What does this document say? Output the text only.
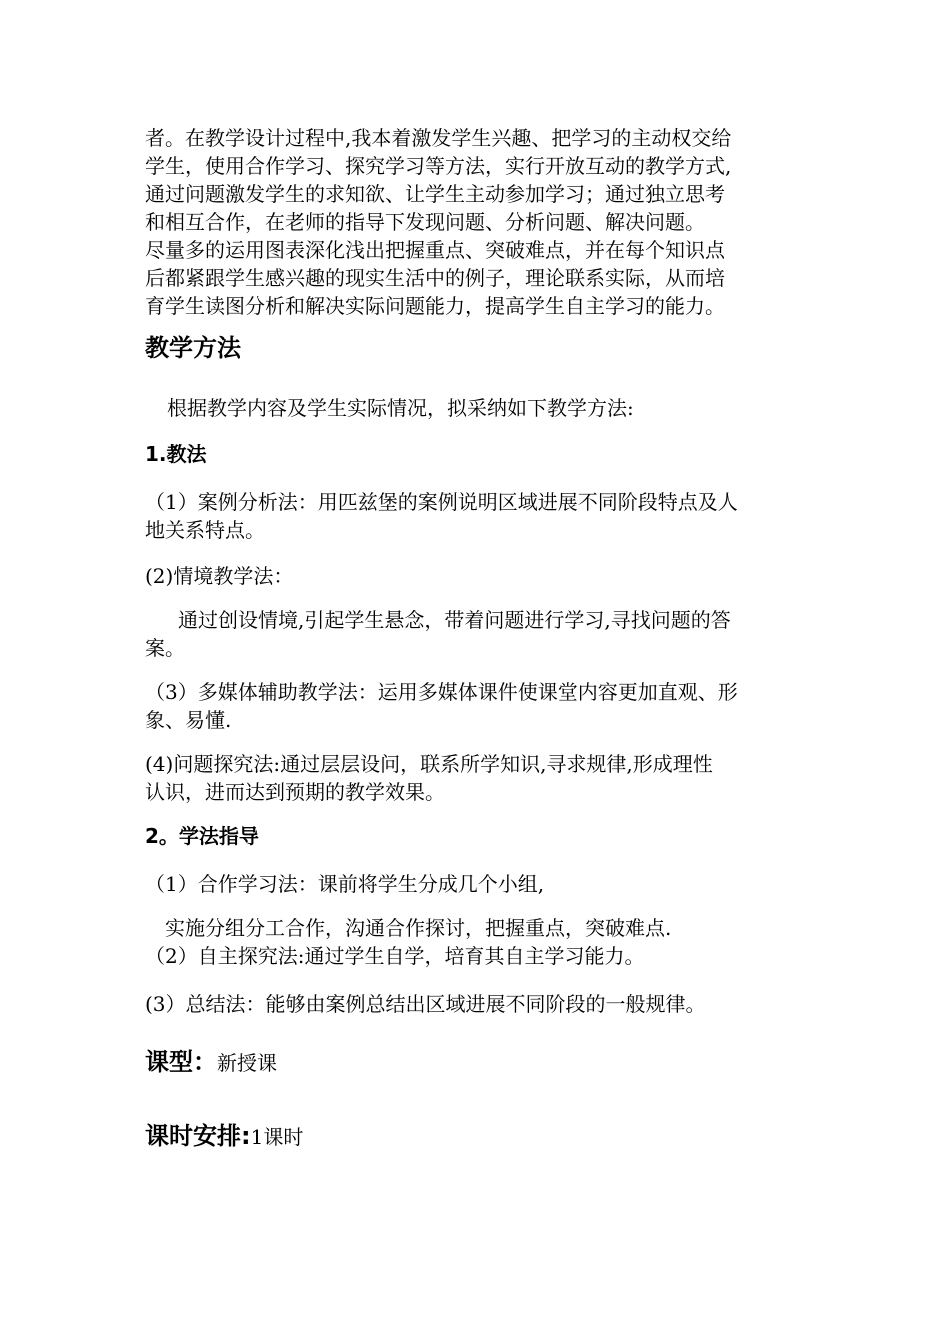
者。在教学设计过程中,我本着激发学生兴趣、把学习的主动权交给
学生，使用合作学习、探究学习等方法，实行开放互动的教学方式,
通过问题激发学生的求知欲、让学生主动参加学习；通过独立思考
和相互合作，在老师的指导下发现问题、分析问题、解决问题。
尽量多的运用图表深化浅出把握重点、突破难点，并在每个知识点
后都紧跟学生感兴趣的现实生活中的例子，理论联系实际，从而培
育学生读图分析和解决实际问题能力，提高学生自主学习的能力。
教学方法
根据教学内容及学生实际情况，拟采纳如下教学方法:
1.教法
（1）案例分析法：用匹兹堡的案例说明区域进展不同阶段特点及人
地关系特点。
(2)情境教学法：
通过创设情境,引起学生悬念，带着问题进行学习,寻找问题的答
案。
（3）多媒体辅助教学法：运用多媒体课件使课堂内容更加直观、形
象、易懂.
(4)问题探究法:通过层层设问，联系所学知识,寻求规律,形成理性
认识，进而达到预期的教学效果。
2。学法指导
（1）合作学习法：课前将学生分成几个小组,
实施分组分工合作，沟通合作探讨，把握重点，突破难点.
（2）自主探究法:通过学生自学，培育其自主学习能力。
(3）总结法：能够由案例总结出区域进展不同阶段的一般规律。
课型：新授课
课时安排:1课时
